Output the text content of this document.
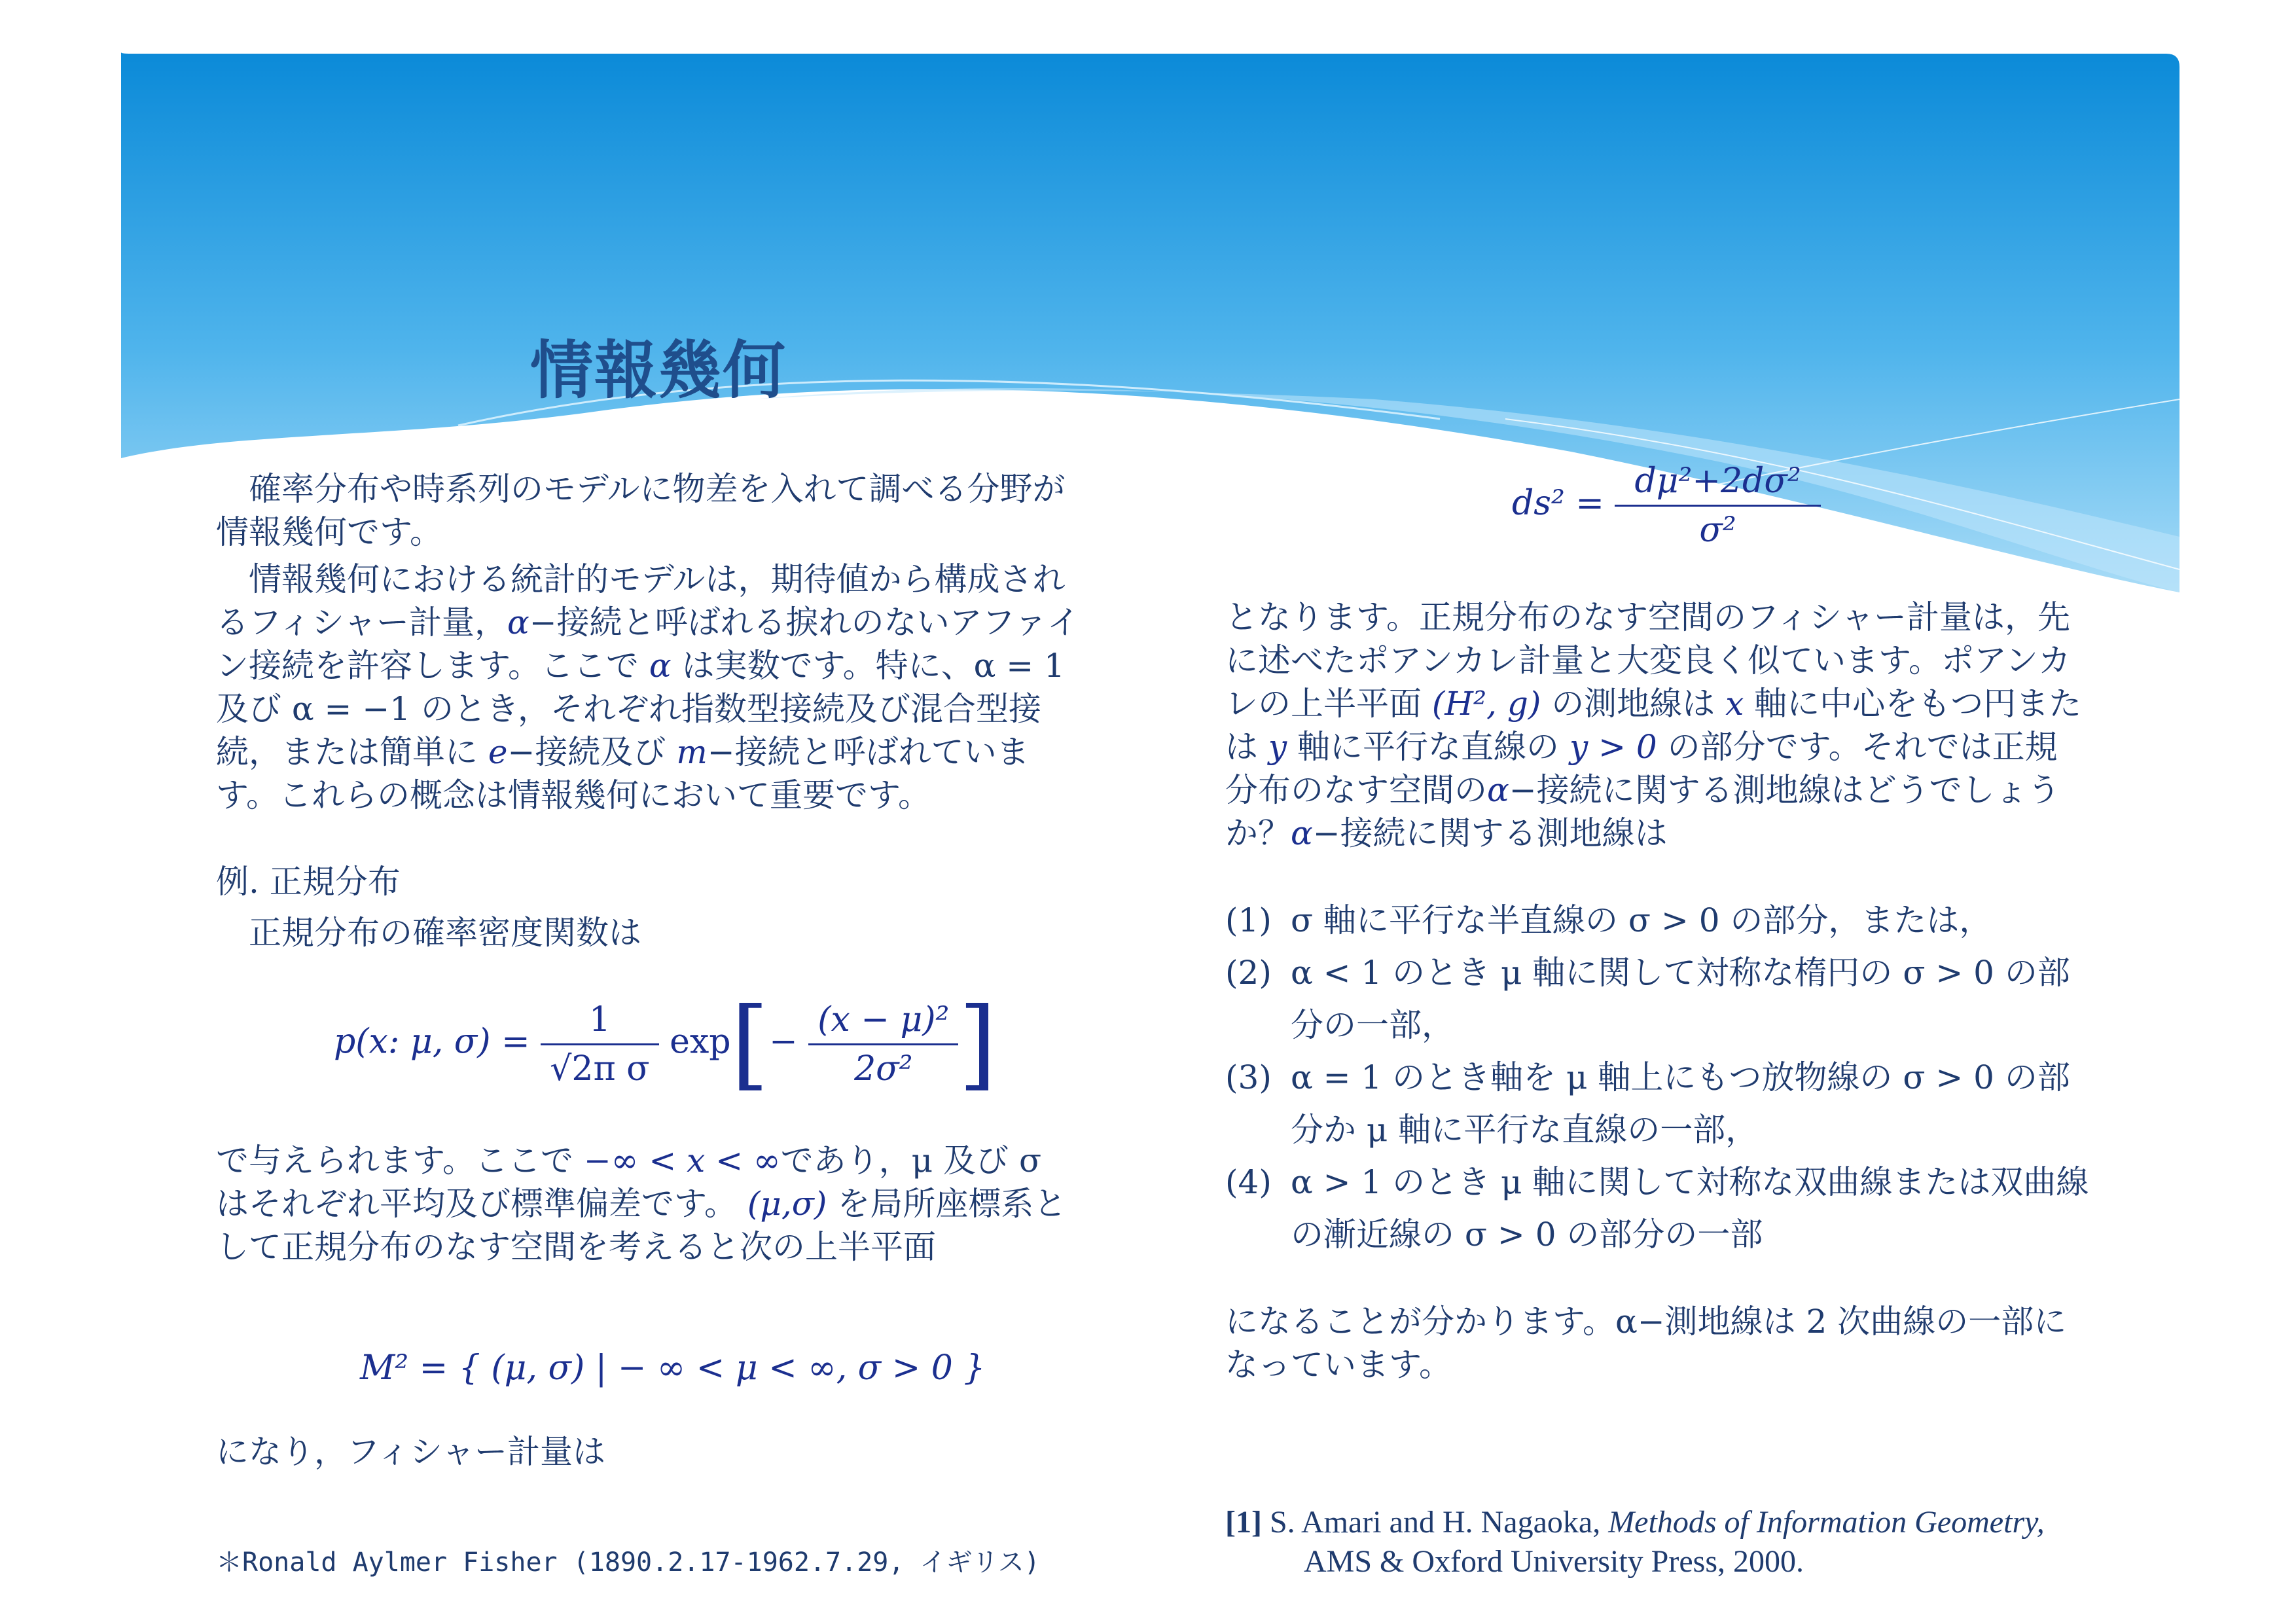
情報幾何

確率分布や時系列のモデルに物差を入れて調べる分野が情報幾何です。

情報幾何における統計的モデルは，期待値から構成されるフィシャー計量，α−接続と呼ばれる捩れのないアファイン接続を許容します。ここで α は実数です。特に、α = 1 及び α = −1 のとき，それぞれ指数型接続及び混合型接続，または簡単に e−接続及び m−接続と呼ばれています。これらの概念は情報幾何において重要です。

例. 正規分布

正規分布の確率密度関数は

p(x: μ, $\sigma) = \frac{1}{\text{√2π σ}} \exp[- \frac{\text{(x − μ)²}}{\text{2σ²}}$ ]

で与えられます。ここで −∞ < x < ∞であり，μ 及び σ はそれぞれ平均及び標準偏差です。 (μ,σ) を局所座標系として正規分布のなす空間を考えると次の上半平面

M² = { (μ, σ) | − ∞ < μ < ∞, σ > 0 }

になり，フィシャー計量は

＊Ronald Aylmer Fisher (1890.2.17-1962.7.29, イギリス)
$ds^2 = \frac{\text{dμ²+2dσ²}}{\text{σ²}}$

となります。正規分布のなす空間のフィシャー計量は，先に述べたポアンカレ計量と大変良く似ています。ポアンカレの上半平面 (H², g) の測地線は x 軸に中心をもつ円または y 軸に平行な直線の y > 0 の部分です。それでは正規分布のなす空間のα−接続に関する測地線はどうでしょうか？α−接続に関する測地線は

(1) σ 軸に平行な半直線の σ > 0 の部分，または，
(2) α < 1 のとき μ 軸に関して対称な楕円の σ > 0 の部分の一部，
(3) α = 1 のとき軸を μ 軸上にもつ放物線の σ > 0 の部分か μ 軸に平行な直線の一部，
(4) α > 1 のとき μ 軸に関して対称な双曲線または双曲線の漸近線の σ > 0 の部分の一部

になることが分かります。α−測地線は 2 次曲線の一部になっています。

[1] S. Amari and H. Nagaoka, Methods of Information Geometry,
AMS & Oxford University Press, 2000.
